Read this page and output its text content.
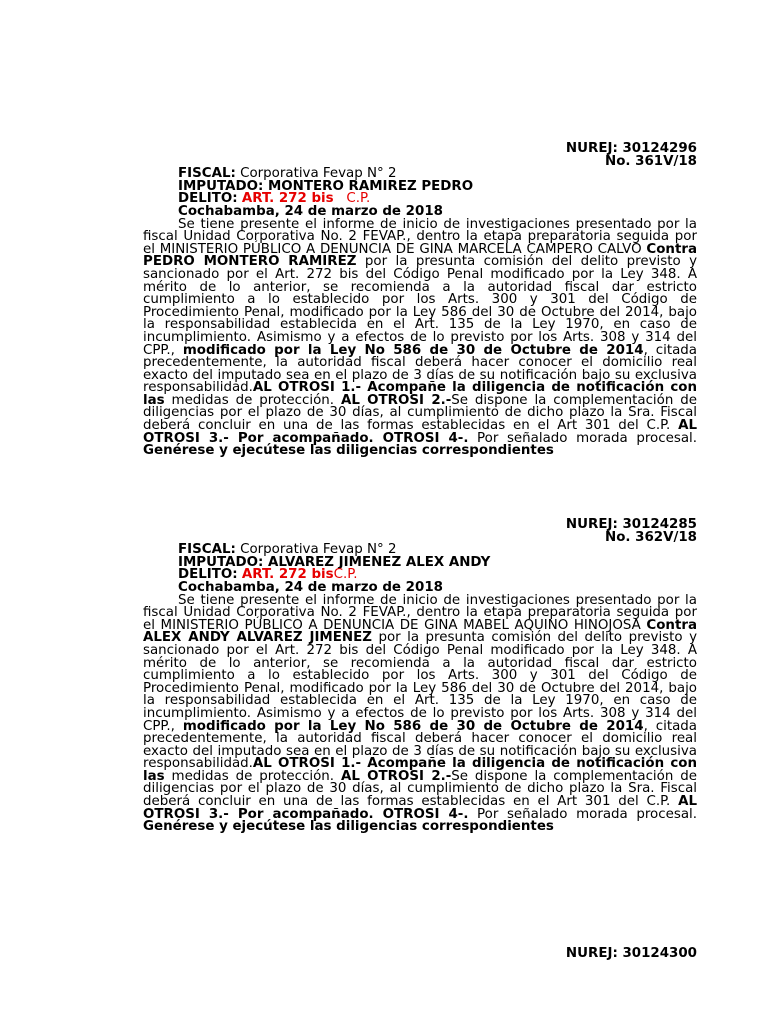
NUREJ: 30124296
No. 361V/18
FISCAL: Corporativa Fevap N° 2
IMPUTADO: MONTERO RAMIREZ PEDRO
DELITO: ART. 272 bis C.P.
Cochabamba, 24 de marzo de 2018

Se tiene presente el informe de inicio de investigaciones presentado por la fiscal Unidad Corporativa No. 2 FEVAP., dentro la etapa preparatoria seguida por el MINISTERIO PÚBLICO A DENUNCIA DE GINA MARCELA CAMPERO CALVO Contra PEDRO MONTERO RAMIREZ por la presunta comisión del delito previsto y sancionado por el Art. 272 bis del Código Penal modificado por la Ley 348. A mérito de lo anterior, se recomienda a la autoridad fiscal dar estricto cumplimiento a lo establecido por los Arts. 300 y 301 del Código de Procedimiento Penal, modificado por la Ley 586 del 30 de Octubre del 2014, bajo la responsabilidad establecida en el Art. 135 de la Ley 1970, en caso de incumplimiento. Asimismo y a efectos de lo previsto por los Arts. 308 y 314 del CPP., modificado por la Ley No 586 de 30 de Octubre de 2014, citada precedentemente, la autoridad fiscal deberá hacer conocer el domicilio real exacto del imputado sea en el plazo de 3 días de su notificación bajo su exclusiva responsabilidad.AL OTROSI 1.- Acompañe la diligencia de notificación con las medidas de protección. AL OTROSI 2.-Se dispone la complementación de diligencias por el plazo de 30 días, al cumplimiento de dicho plazo la Sra. Fiscal deberá concluir en una de las formas establecidas en el Art 301 del C.P. AL OTROSI 3.- Por acompañado. OTROSI 4-. Por señalado morada procesal. Genérese y ejecútese las diligencias correspondientes

NUREJ: 30124285
No. 362V/18
FISCAL: Corporativa Fevap N° 2
IMPUTADO: ALVAREZ JIMENEZ ALEX ANDY
DELITO: ART. 272 bisC.P.
Cochabamba, 24 de marzo de 2018

Se tiene presente el informe de inicio de investigaciones presentado por la fiscal Unidad Corporativa No. 2 FEVAP., dentro la etapa preparatoria seguida por el MINISTERIO PÚBLICO A DENUNCIA DE GINA MABEL AQUINO HINOJOSA Contra ALEX ANDY ALVAREZ JIMENEZ por la presunta comisión del delito previsto y sancionado por el Art. 272 bis del Código Penal modificado por la Ley 348. A mérito de lo anterior, se recomienda a la autoridad fiscal dar estricto cumplimiento a lo establecido por los Arts. 300 y 301 del Código de Procedimiento Penal, modificado por la Ley 586 del 30 de Octubre del 2014, bajo la responsabilidad establecida en el Art. 135 de la Ley 1970, en caso de incumplimiento. Asimismo y a efectos de lo previsto por los Arts. 308 y 314 del CPP., modificado por la Ley No 586 de 30 de Octubre de 2014, citada precedentemente, la autoridad fiscal deberá hacer conocer el domicilio real exacto del imputado sea en el plazo de 3 días de su notificación bajo su exclusiva responsabilidad.AL OTROSI 1.- Acompañe la diligencia de notificación con las medidas de protección. AL OTROSI 2.-Se dispone la complementación de diligencias por el plazo de 30 días, al cumplimiento de dicho plazo la Sra. Fiscal deberá concluir en una de las formas establecidas en el Art 301 del C.P. AL OTROSI 3.- Por acompañado. OTROSI 4-. Por señalado morada procesal. Genérese y ejecútese las diligencias correspondientes

NUREJ: 30124300
